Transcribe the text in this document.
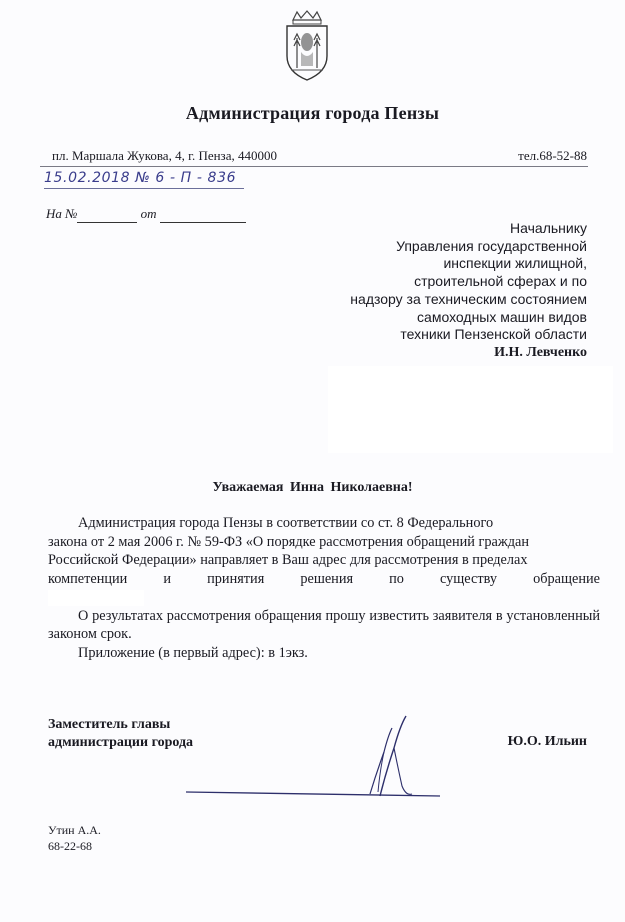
Администрация города Пензы
пл. Маршала Жукова, 4, г. Пенза, 440000	тел.68-52-88
15.02.2018 № 6 - П - 836
На №	от
Начальнику
Управления государственной
инспекции жилищной,
строительной сферах и по
надзору за техническим состоянием
самоходных машин видов
техники Пензенской области
И.Н. Левченко
Уважаемая Инна Николаевна!

Администрация города Пензы в соответствии со ст. 8 Федерального

закона от 2 мая 2006 г. № 59-ФЗ «О порядке рассмотрения обращений граждан

Российской Федерации» направляет в Ваш адрес для рассмотрения в пределах

компетенции и принятия решения по существу обращение

О результатах рассмотрения обращения прошу известить заявителя в установленный законом срок.

Приложение (в первый адрес): в 1экз.

Заместитель главы
администрации города	Ю.О. Ильин
Утин А.А.
68-22-68
